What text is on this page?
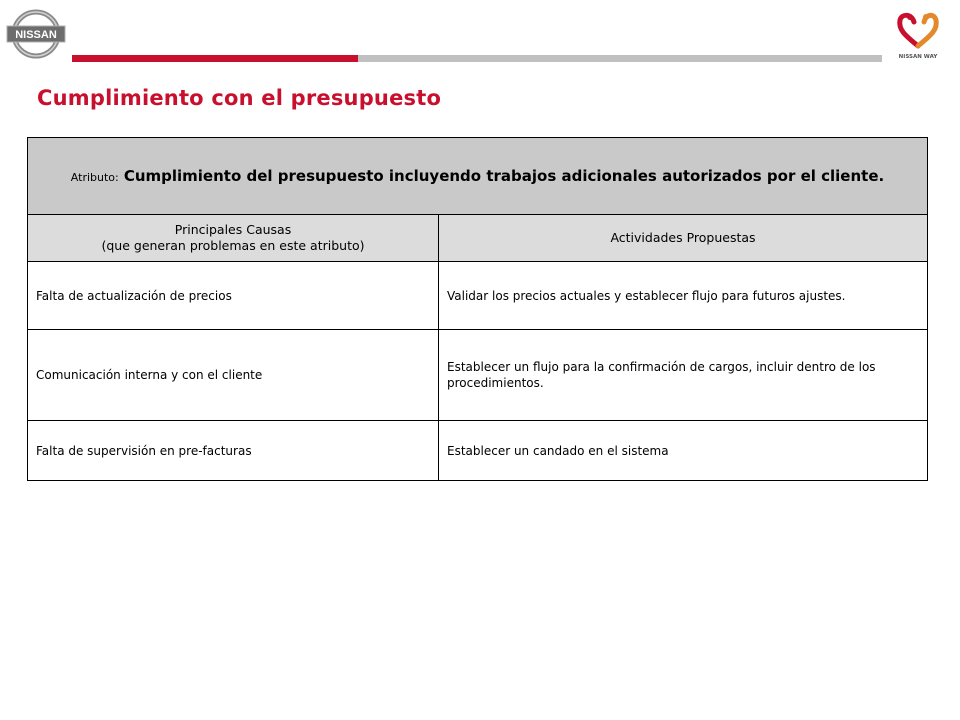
NISSAN
NISSAN WAY
Cumplimiento con el presupuesto
Atributo: Cumplimiento del presupuesto incluyendo trabajos adicionales autorizados por el cliente.	

Principales Causas
(que generan problemas en este atributo)	Actividades Propuestas
Falta de actualización de precios	Validar los precios actuales y establecer flujo para futuros ajustes.
Comunicación interna y con el cliente	Establecer un flujo para la confirmación de cargos, incluir dentro de los procedimientos.
Falta de supervisión en pre-facturas	Establecer un candado en el sistema
